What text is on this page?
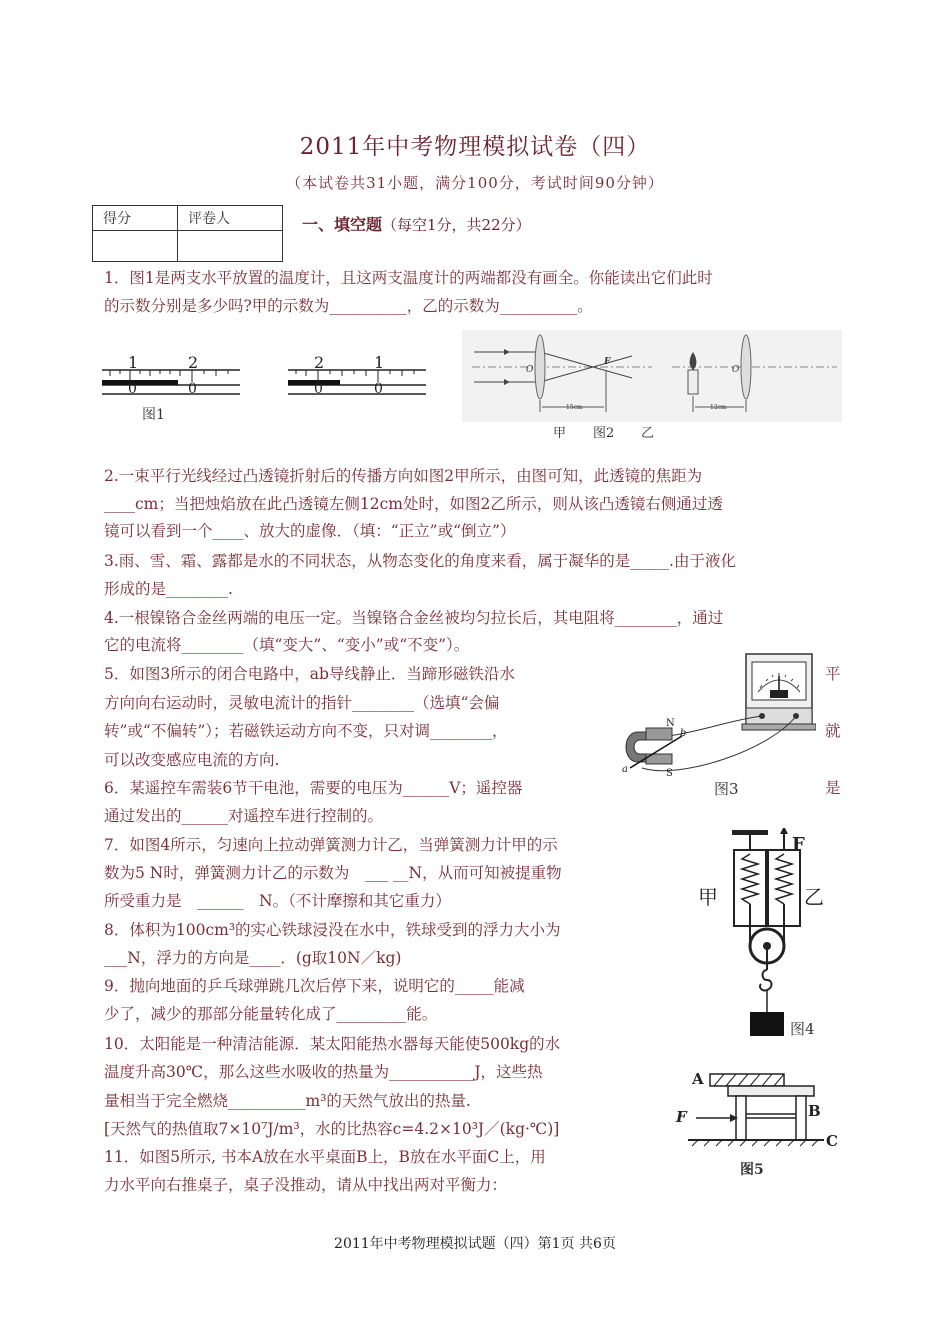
2011年中考物理模拟试卷（四）
（本试卷共31小题，满分100分，考试时间90分钟）
得分	评卷人
		一、填空题（每空1分，共22分）
1．图1是两支水平放置的温度计，且这两支温度计的两端都没有画全。你能读出它们此时
的示数分别是多少吗?甲的示数为__________，乙的示数为__________。
1	2
0	0
2	1
0	0
图1
O
F
15cm
O
12cm
甲 图2 乙
2.一束平行光线经过凸透镜折射后的传播方向如图2甲所示，由图可知，此透镜的焦距为
____cm；当把烛焰放在此凸透镜左侧12cm处时，如图2乙所示，则从该凸透镜右侧通过透
镜可以看到一个____、放大的虚像．（填：“正立”或“倒立”）
3.雨、雪、霜、露都是水的不同状态，从物态变化的角度来看，属于凝华的是_____.由于液化
形成的是________.
4.一根镍铬合金丝两端的电压一定。当镍铬合金丝被均匀拉长后，其电阻将________，通过
它的电流将________（填“变大”、“变小”或“不变”）。
5．如图3所示的闭合电路中，ab导线静止．当蹄形磁铁沿水	平
方向向右运动时，灵敏电流计的指针________（选填“会偏
转”或“不偏转”）；若磁铁运动方向不变，只对调________，	就
可以改变感应电流的方向.
N
S
a
b
图3
6．某遥控车需装6节干电池，需要的电压为______V；遥控器	是
通过发出的______对遥控车进行控制的。
7．如图4所示，匀速向上拉动弹簧测力计乙，当弹簧测力计甲的示
数为5 N时，弹簧测力计乙的示数为　___ __N，从而可知被提重物
所受重力是　______　N。（不计摩擦和其它重力）	甲	乙
F
图4
8．体积为100cm³的实心铁球浸没在水中，铁球受到的浮力大小为
___N，浮力的方向是____．(g取10N／kg)
9．抛向地面的乒乓球弹跳几次后停下来，说明它的_____能减
少了，减少的那部分能量转化成了_________能。
10．太阳能是一种清洁能源．某太阳能热水器每天能使500kg的水
温度升高30℃，那么这些水吸收的热量为___________J，这些热
量相当于完全燃烧__________m³的天然气放出的热量.
[天然气的热值取7×10⁷J/m³，水的比热容c=4.2×10³J／(kg·℃)]
A
B
C
F
图5
11．如图5所示, 书本A放在水平桌面B上，B放在水平面C上，用
力水平向右推桌子，桌子没推动，请从中找出两对平衡力：
2011年中考物理模拟试题（四）第1页 共6页
